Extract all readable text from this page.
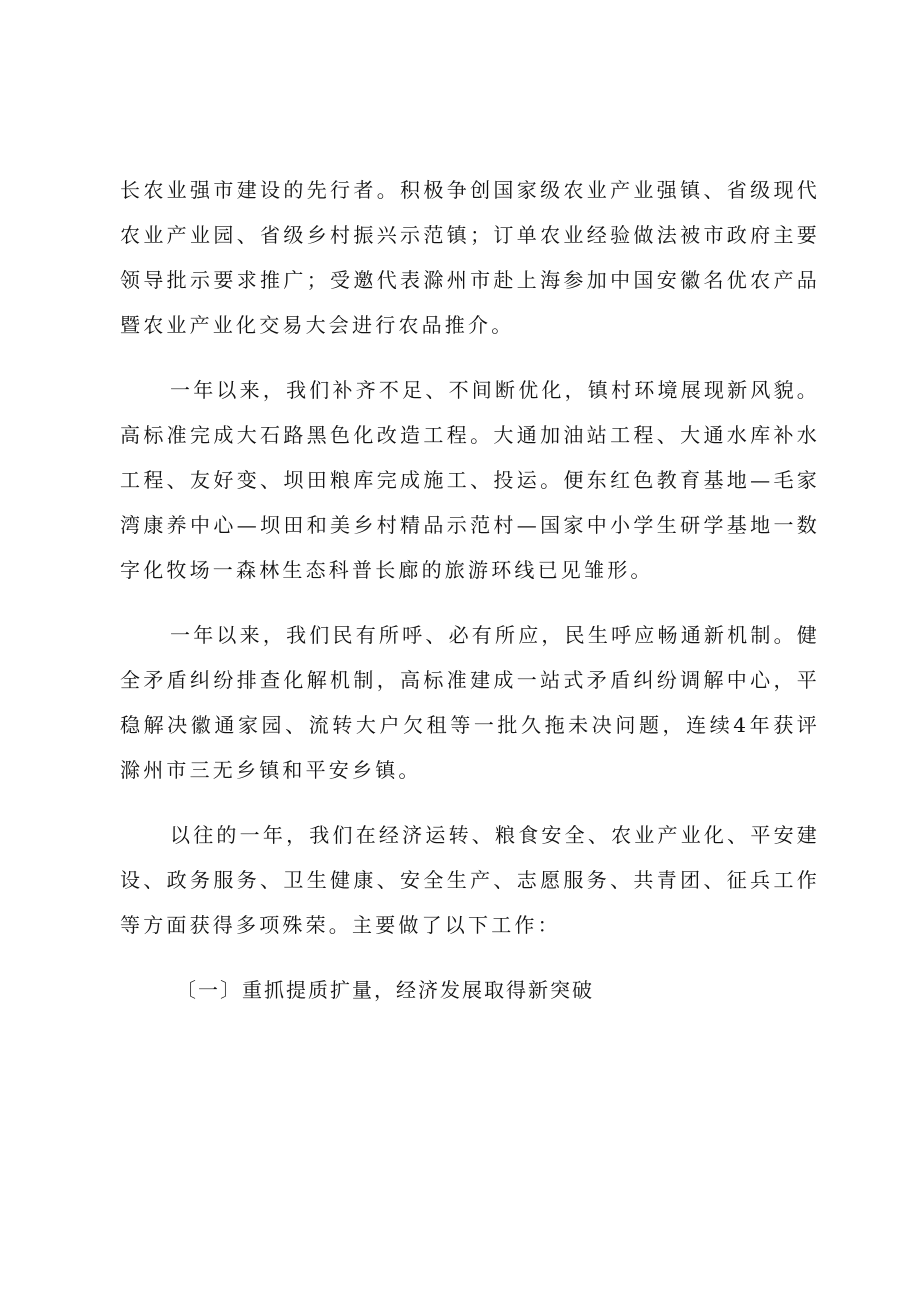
长农业强市建设的先行者。积极争创国家级农业产业强镇、省级现代农业产业园、省级乡村振兴示范镇；订单农业经验做法被市政府主要领导批示要求推广；受邀代表滁州市赴上海参加中国安徽名优农产品暨农业产业化交易大会进行农品推介。

一年以来，我们补齐不足、不间断优化，镇村环境展现新风貌。高标准完成大石路黑色化改造工程。大通加油站工程、大通水库补水工程、友好变、坝田粮库完成施工、投运。便东红色教育基地—毛家湾康养中心—坝田和美乡村精品示范村—国家中小学生研学基地一数字化牧场一森林生态科普长廊的旅游环线已见雏形。

一年以来，我们民有所呼、必有所应，民生呼应畅通新机制。健全矛盾纠纷排查化解机制，高标准建成一站式矛盾纠纷调解中心，平稳解决徽通家园、流转大户欠租等一批久拖未决问题，连续4年获评滁州市三无乡镇和平安乡镇。

以往的一年，我们在经济运转、粮食安全、农业产业化、平安建设、政务服务、卫生健康、安全生产、志愿服务、共青团、征兵工作等方面获得多项殊荣。主要做了以下工作：

〔一〕重抓提质扩量，经济发展取得新突破
